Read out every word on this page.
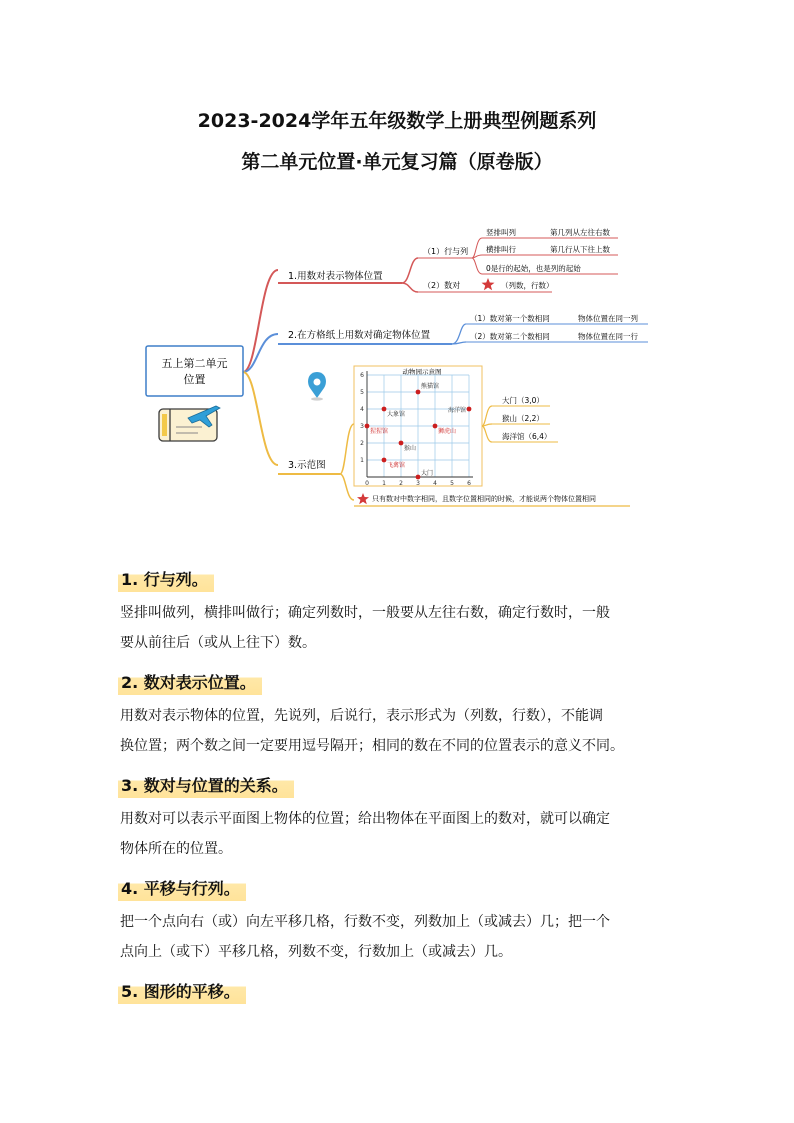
2023-2024学年五年级数学上册典型例题系列
第二单元位置·单元复习篇（原卷版）
五上第二单元
位置
1.用数对表示物体位置
（1）行与列
竖排叫列	第几列从左往右数
横排叫行	第几行从下往上数
0是行的起始，也是列的起始
（2）数对	（列数，行数）
2.在方格纸上用数对确定物体位置
（1）数对第一个数相同	物体位置在同一列
（2）数对第二个数相同	物体位置在同一行
3.示范图
动物园示意图
0 1 2 3 4 5 6
1
2
3
4
5
6
熊猫馆
大象馆
海洋馆
猩猩馆	狮虎山
猴山
飞禽馆
大门
大门（3,0）
猴山（2,2）
海洋馆（6,4）
只有数对中数字相同，且数字位置相同的时候，才能说两个物体位置相同
1. 行与列。
竖排叫做列，横排叫做行；确定列数时，一般要从左往右数，确定行数时，一般
要从前往后（或从上往下）数。
2. 数对表示位置。
用数对表示物体的位置，先说列，后说行，表示形式为（列数，行数），不能调
换位置；两个数之间一定要用逗号隔开；相同的数在不同的位置表示的意义不同。
3. 数对与位置的关系。
用数对可以表示平面图上物体的位置；给出物体在平面图上的数对，就可以确定
物体所在的位置。
4. 平移与行列。
把一个点向右（或）向左平移几格，行数不变，列数加上（或减去）几；把一个
点向上（或下）平移几格，列数不变，行数加上（或减去）几。
5. 图形的平移。
